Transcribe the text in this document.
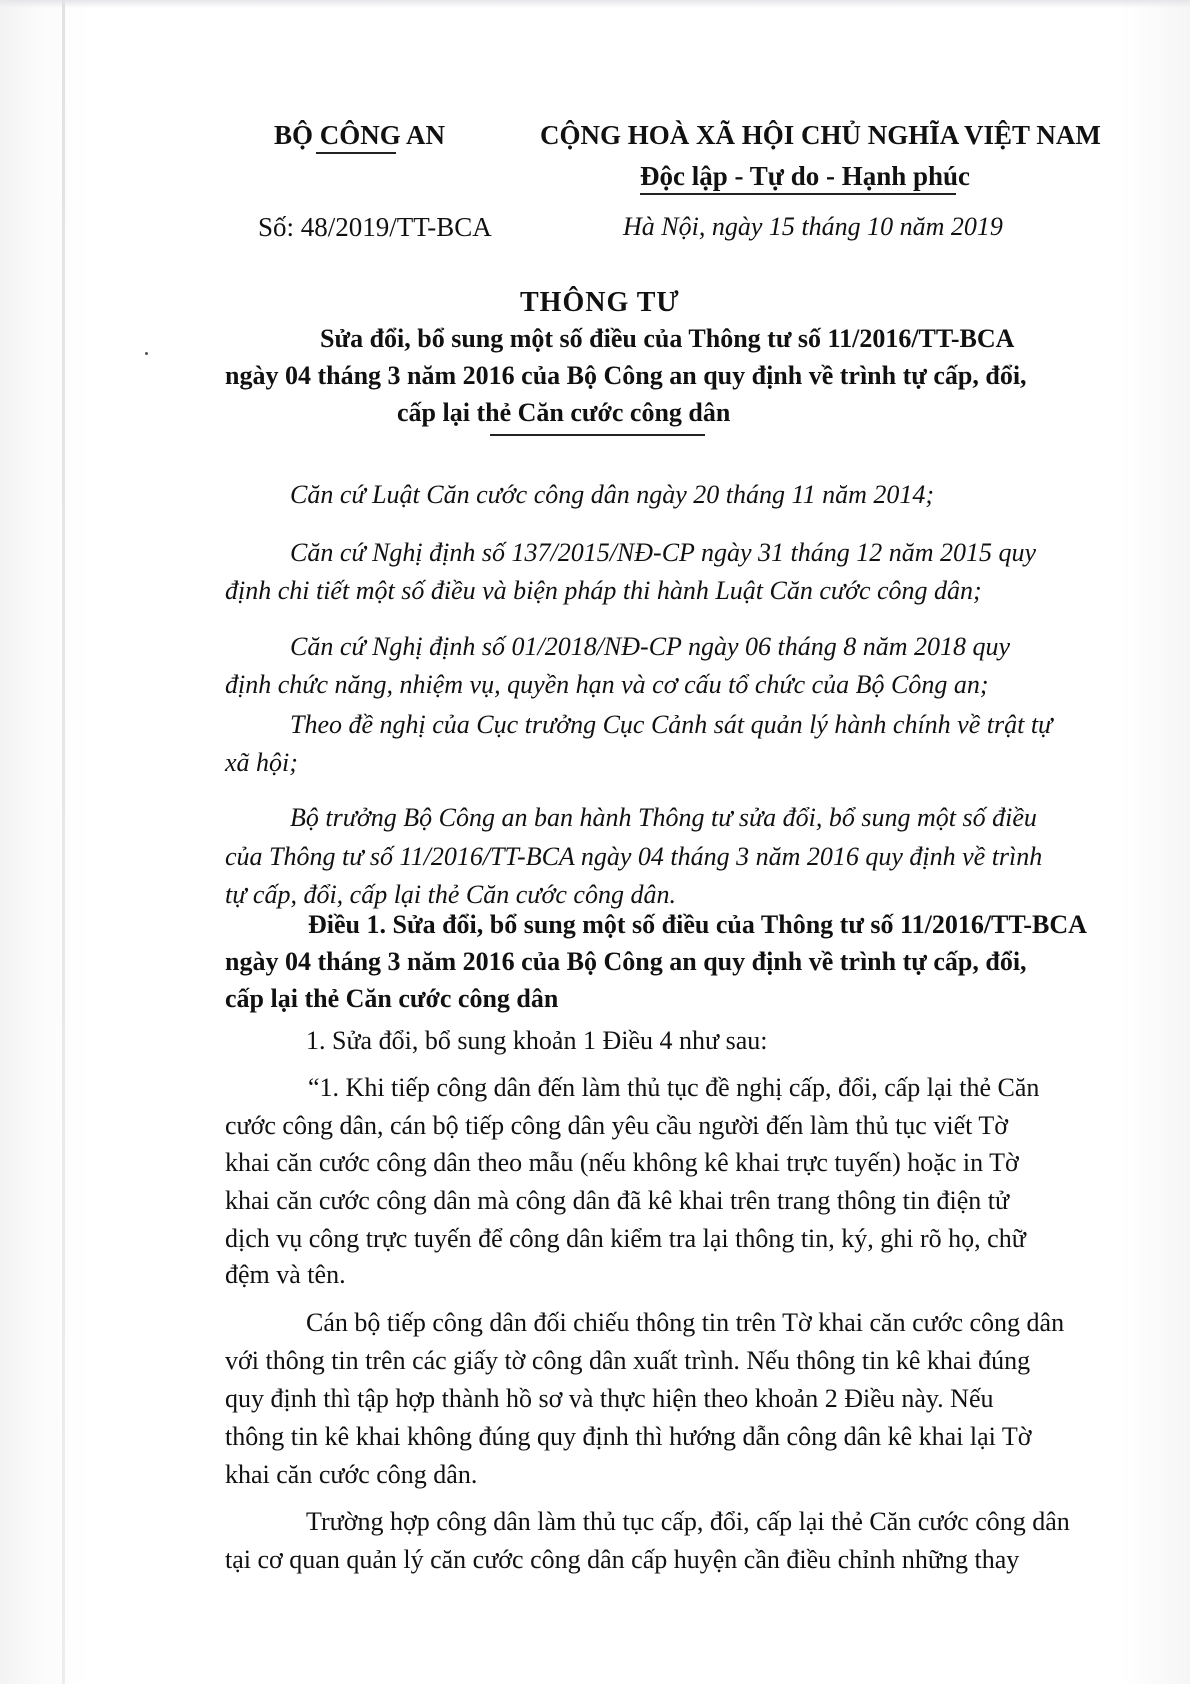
BỘ CÔNG AN	CỘNG HOÀ XÃ HỘI CHỦ NGHĨA VIỆT NAM
Độc lập - Tự do - Hạnh phúc
Số: 48/2019/TT-BCA	Hà Nội, ngày 15 tháng 10 năm 2019
THÔNG TƯ
Sửa đổi, bổ sung một số điều của Thông tư số 11/2016/TT-BCA
ngày 04 tháng 3 năm 2016 của Bộ Công an quy định về trình tự cấp, đổi,
cấp lại thẻ Căn cước công dân
Căn cứ Luật Căn cước công dân ngày 20 tháng 11 năm 2014;
Căn cứ Nghị định số 137/2015/NĐ-CP ngày 31 tháng 12 năm 2015 quy
định chi tiết một số điều và biện pháp thi hành Luật Căn cước công dân;
Căn cứ Nghị định số 01/2018/NĐ-CP ngày 06 tháng 8 năm 2018 quy
định chức năng, nhiệm vụ, quyền hạn và cơ cấu tổ chức của Bộ Công an;
Theo đề nghị của Cục trưởng Cục Cảnh sát quản lý hành chính về trật tự
xã hội;
Bộ trưởng Bộ Công an ban hành Thông tư sửa đổi, bổ sung một số điều
của Thông tư số 11/2016/TT-BCA ngày 04 tháng 3 năm 2016 quy định về trình
tự cấp, đổi, cấp lại thẻ Căn cước công dân.
Điều 1. Sửa đổi, bổ sung một số điều của Thông tư số 11/2016/TT-BCA
ngày 04 tháng 3 năm 2016 của Bộ Công an quy định về trình tự cấp, đổi,
cấp lại thẻ Căn cước công dân
1. Sửa đổi, bổ sung khoản 1 Điều 4 như sau:
“1. Khi tiếp công dân đến làm thủ tục đề nghị cấp, đổi, cấp lại thẻ Căn
cước công dân, cán bộ tiếp công dân yêu cầu người đến làm thủ tục viết Tờ
khai căn cước công dân theo mẫu (nếu không kê khai trực tuyến) hoặc in Tờ
khai căn cước công dân mà công dân đã kê khai trên trang thông tin điện tử
dịch vụ công trực tuyến để công dân kiểm tra lại thông tin, ký, ghi rõ họ, chữ
đệm và tên.
Cán bộ tiếp công dân đối chiếu thông tin trên Tờ khai căn cước công dân
với thông tin trên các giấy tờ công dân xuất trình. Nếu thông tin kê khai đúng
quy định thì tập hợp thành hồ sơ và thực hiện theo khoản 2 Điều này. Nếu
thông tin kê khai không đúng quy định thì hướng dẫn công dân kê khai lại Tờ
khai căn cước công dân.
Trường hợp công dân làm thủ tục cấp, đổi, cấp lại thẻ Căn cước công dân
tại cơ quan quản lý căn cước công dân cấp huyện cần điều chỉnh những thay
